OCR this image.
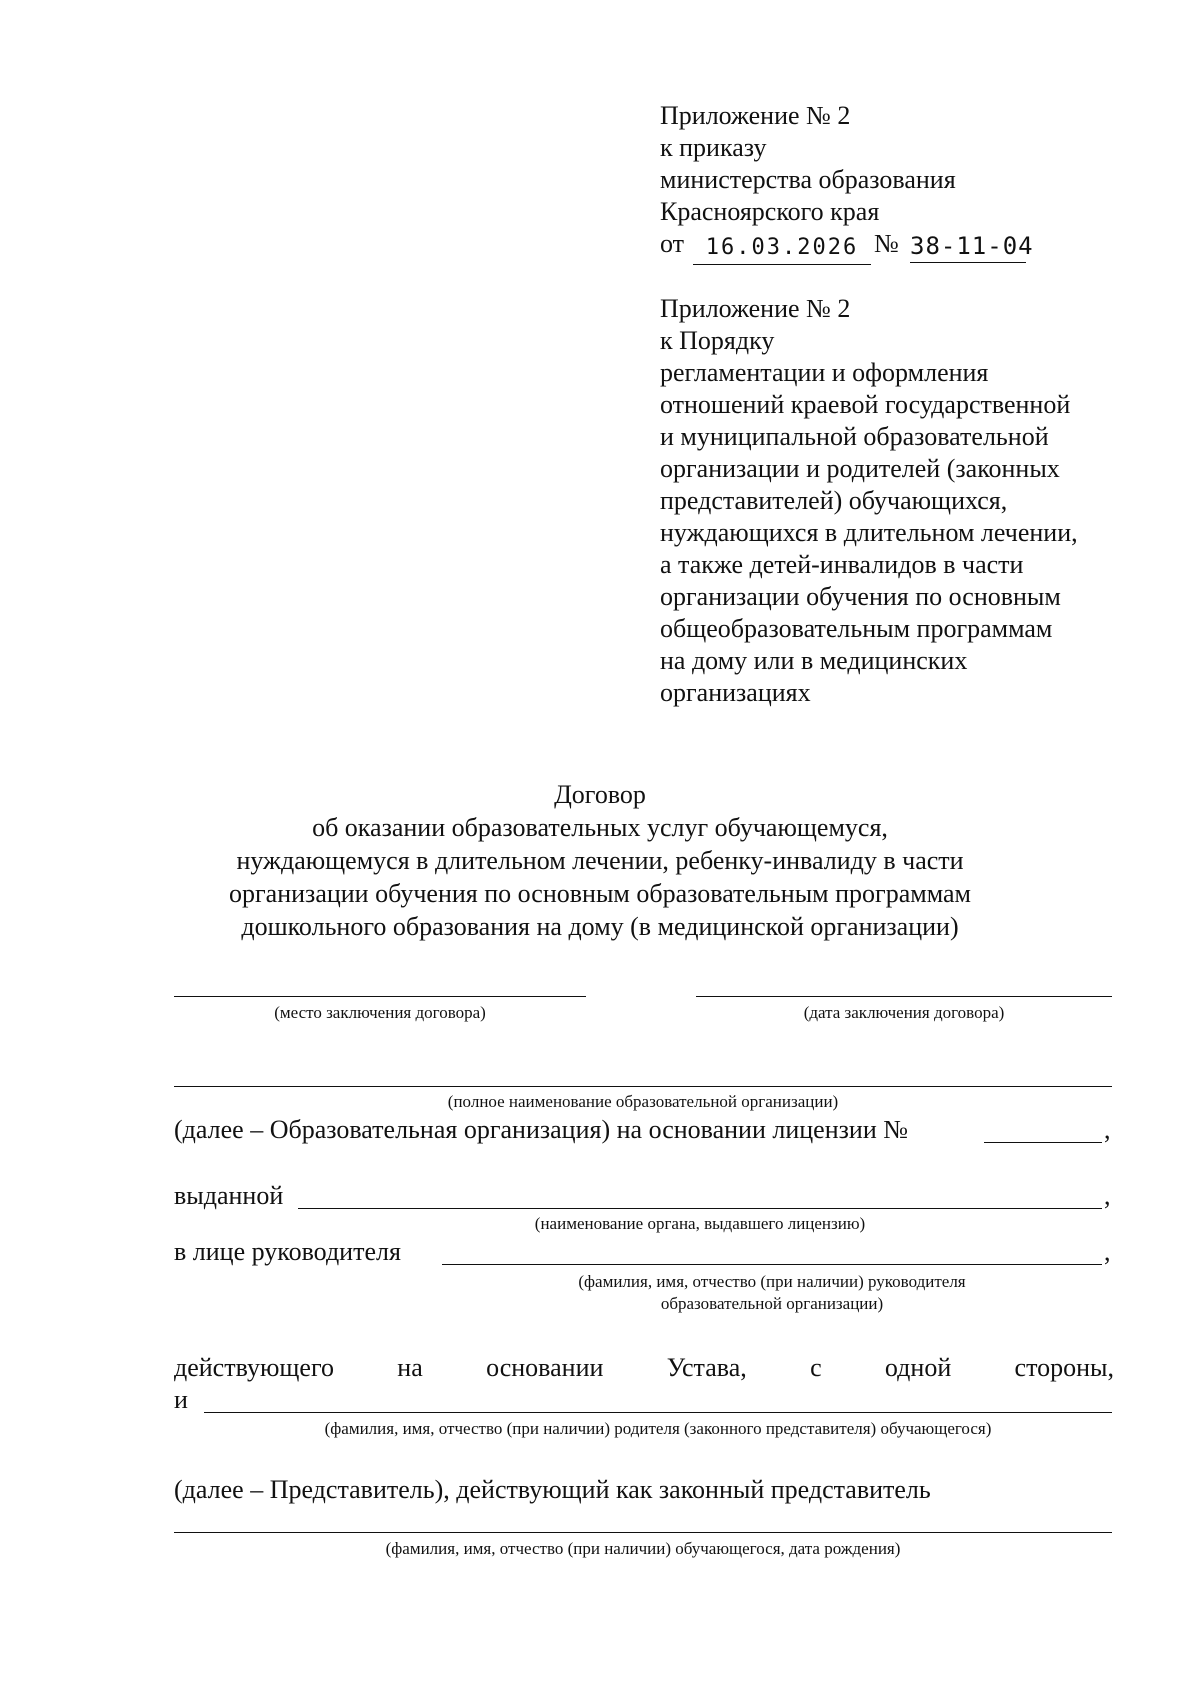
Приложение № 2
к приказу
министерства образования
Красноярского края
от 16.03.2026 № 38-11-04
Приложение № 2
к Порядку
регламентации и оформления
отношений краевой государственной
и муниципальной образовательной
организации и родителей (законных
представителей) обучающихся,
нуждающихся в длительном лечении,
а также детей-инвалидов в части
организации обучения по основным
общеобразовательным программам
на дому или в медицинских
организациях
Договор
об оказании образовательных услуг обучающемуся,
нуждающемуся в длительном лечении, ребенку-инвалиду в части
организации обучения по основным образовательным программам
дошкольного образования на дому (в медицинской организации)
(место заключения договора)	(дата заключения договора)
(полное наименование образовательной организации)
(далее – Образовательная организация) на основании лицензии №	,
выданной	,
(наименование органа, выдавшего лицензию)
в лице руководителя	,
(фамилия, имя, отчество (при наличии) руководителя
образовательной организации)
действующего на основании Устава, с одной стороны,
и
(фамилия, имя, отчество (при наличии) родителя (законного представителя) обучающегося)
(далее – Представитель), действующий как законный представитель
(фамилия, имя, отчество (при наличии) обучающегося, дата рождения)
